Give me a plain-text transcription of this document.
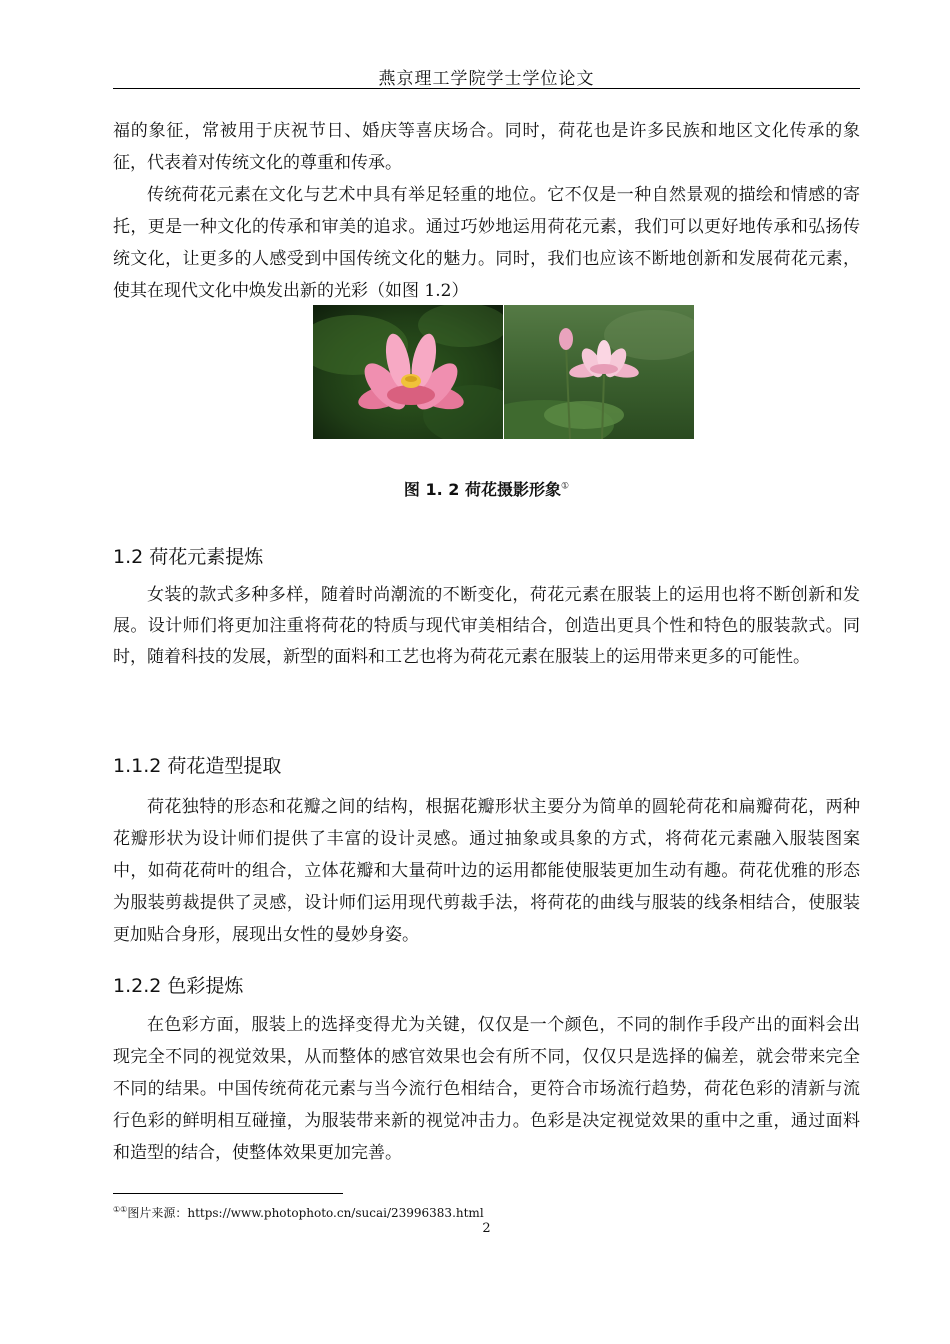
燕京理工学院学士学位论文

福的象征，常被用于庆祝节日、婚庆等喜庆场合。同时，荷花也是许多民族和地区文化传承的象征，代表着对传统文化的尊重和传承。

传统荷花元素在文化与艺术中具有举足轻重的地位。它不仅是一种自然景观的描绘和情感的寄托，更是一种文化的传承和审美的追求。通过巧妙地运用荷花元素，我们可以更好地传承和弘扬传统文化，让更多的人感受到中国传统文化的魅力。同时，我们也应该不断地创新和发展荷花元素，使其在现代文化中焕发出新的光彩（如图 1.2）

图 1. 2 荷花摄影形象①
1.2 荷花元素提炼

女装的款式多种多样，随着时尚潮流的不断变化，荷花元素在服装上的运用也将不断创新和发展。设计师们将更加注重将荷花的特质与现代审美相结合，创造出更具个性和特色的服装款式。同时，随着科技的发展，新型的面料和工艺也将为荷花元素在服装上的运用带来更多的可能性。

1.1.2 荷花造型提取

荷花独特的形态和花瓣之间的结构，根据花瓣形状主要分为简单的圆轮荷花和扁瓣荷花，两种花瓣形状为设计师们提供了丰富的设计灵感。通过抽象或具象的方式，将荷花元素融入服装图案中，如荷花荷叶的组合，立体花瓣和大量荷叶边的运用都能使服装更加生动有趣。荷花优雅的形态为服装剪裁提供了灵感，设计师们运用现代剪裁手法，将荷花的曲线与服装的线条相结合，使服装更加贴合身形，展现出女性的曼妙身姿。

1.2.2 色彩提炼

在色彩方面，服装上的选择变得尤为关键，仅仅是一个颜色，不同的制作手段产出的面料会出现完全不同的视觉效果，从而整体的感官效果也会有所不同，仅仅只是选择的偏差，就会带来完全不同的结果。中国传统荷花元素与当今流行色相结合，更符合市场流行趋势，荷花色彩的清新与流行色彩的鲜明相互碰撞，为服装带来新的视觉冲击力。色彩是决定视觉效果的重中之重，通过面料和造型的结合，使整体效果更加完善。

①①图片来源：https://www.photophoto.cn/sucai/23996383.html
2
